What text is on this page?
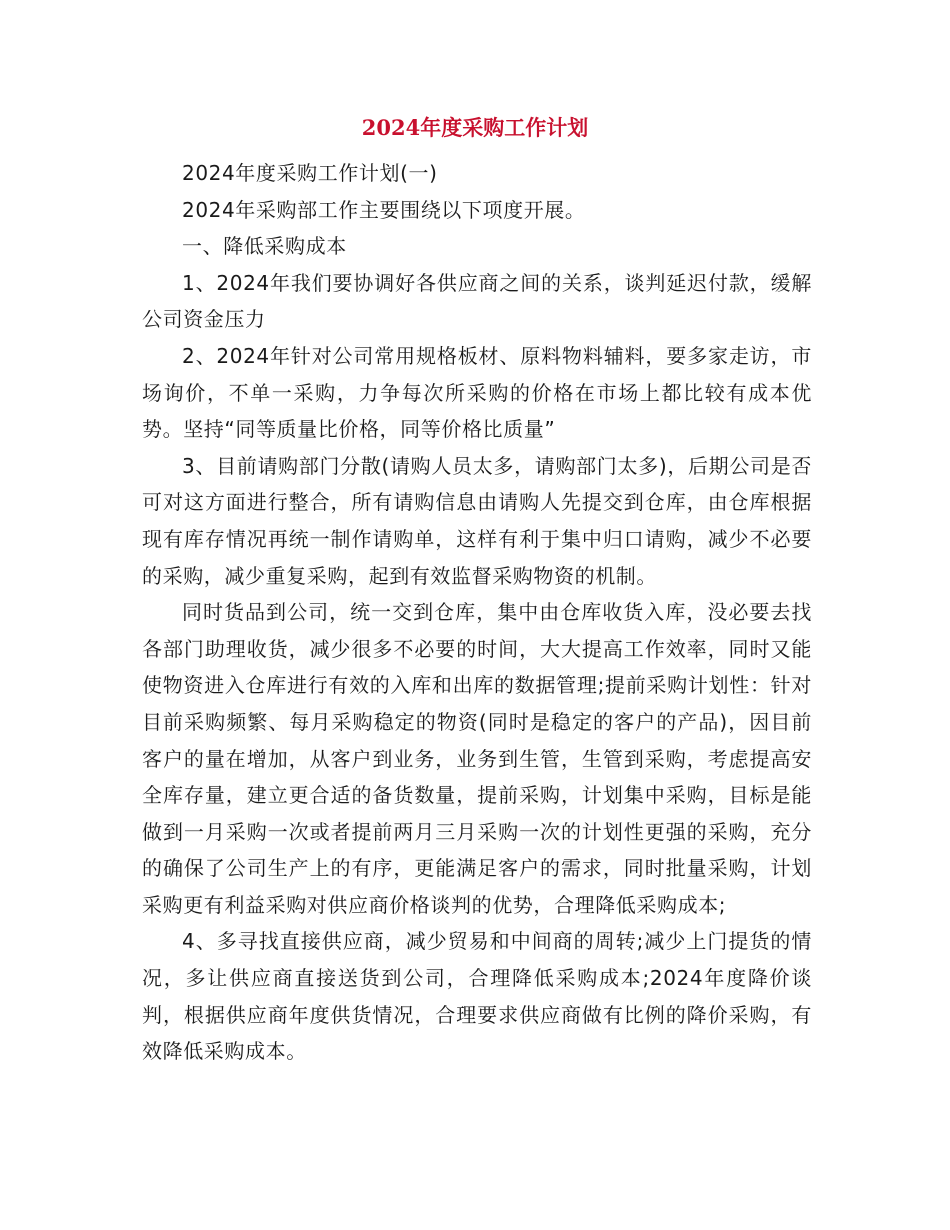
2024年度采购工作计划

2024年度采购工作计划(一)

2024年采购部工作主要围绕以下项度开展。

一、降低采购成本

1、2024年我们要协调好各供应商之间的关系，谈判延迟付款，缓解公司资金压力

2、2024年针对公司常用规格板材、原料物料辅料，要多家走访，市场询价，不单一采购，力争每次所采购的价格在市场上都比较有成本优势。坚持“同等质量比价格，同等价格比质量”

3、目前请购部门分散(请购人员太多，请购部门太多)，后期公司是否可对这方面进行整合，所有请购信息由请购人先提交到仓库，由仓库根据现有库存情况再统一制作请购单，这样有利于集中归口请购，减少不必要的采购，减少重复采购，起到有效监督采购物资的机制。

同时货品到公司，统一交到仓库，集中由仓库收货入库，没必要去找各部门助理收货，减少很多不必要的时间，大大提高工作效率，同时又能使物资进入仓库进行有效的入库和出库的数据管理;提前采购计划性：针对目前采购频繁、每月采购稳定的物资(同时是稳定的客户的产品)，因目前客户的量在增加，从客户到业务，业务到生管，生管到采购，考虑提高安全库存量，建立更合适的备货数量，提前采购，计划集中采购，目标是能做到一月采购一次或者提前两月三月采购一次的计划性更强的采购，充分的确保了公司生产上的有序，更能满足客户的需求，同时批量采购，计划采购更有利益采购对供应商价格谈判的优势，合理降低采购成本;

4、多寻找直接供应商，减少贸易和中间商的周转;减少上门提货的情况，多让供应商直接送货到公司，合理降低采购成本;2024年度降价谈判，根据供应商年度供货情况，合理要求供应商做有比例的降价采购，有效降低采购成本。
